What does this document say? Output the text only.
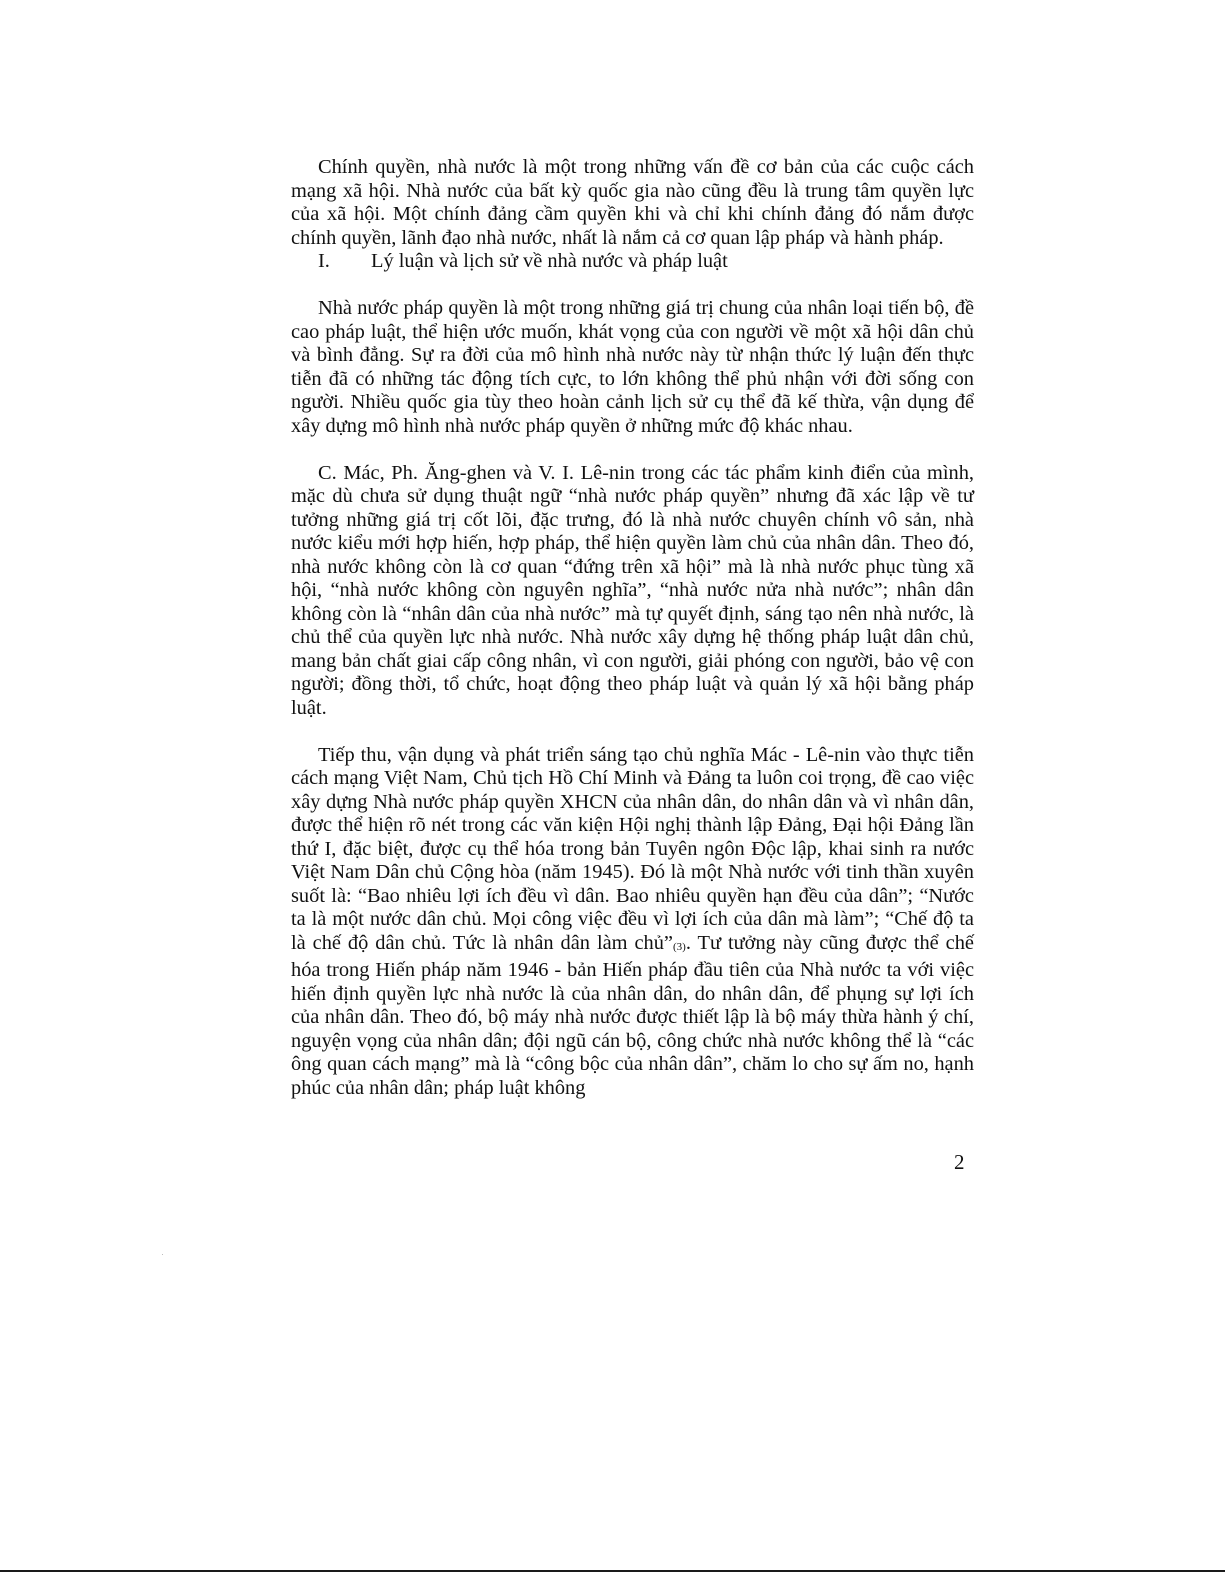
Chính quyền, nhà nước là một trong những vấn đề cơ bản của các cuộc cách mạng xã hội. Nhà nước của bất kỳ quốc gia nào cũng đều là trung tâm quyền lực của xã hội. Một chính đảng cầm quyền khi và chỉ khi chính đảng đó nắm được chính quyền, lãnh đạo nhà nước, nhất là nắm cả cơ quan lập pháp và hành pháp.

I.	Lý luận và lịch sử về nhà nước và pháp luật

Nhà nước pháp quyền là một trong những giá trị chung của nhân loại tiến bộ, đề cao pháp luật, thể hiện ước muốn, khát vọng của con người về một xã hội dân chủ và bình đẳng. Sự ra đời của mô hình nhà nước này từ nhận thức lý luận đến thực tiễn đã có những tác động tích cực, to lớn không thể phủ nhận với đời sống con người. Nhiều quốc gia tùy theo hoàn cảnh lịch sử cụ thể đã kế thừa, vận dụng để xây dựng mô hình nhà nước pháp quyền ở những mức độ khác nhau.

C. Mác, Ph. Ăng-ghen và V. I. Lê-nin trong các tác phẩm kinh điển của mình, mặc dù chưa sử dụng thuật ngữ “nhà nước pháp quyền” nhưng đã xác lập về tư tưởng những giá trị cốt lõi, đặc trưng, đó là nhà nước chuyên chính vô sản, nhà nước kiểu mới hợp hiến, hợp pháp, thể hiện quyền làm chủ của nhân dân. Theo đó, nhà nước không còn là cơ quan “đứng trên xã hội” mà là nhà nước phục tùng xã hội, “nhà nước không còn nguyên nghĩa”, “nhà nước nửa nhà nước”; nhân dân không còn là “nhân dân của nhà nước” mà tự quyết định, sáng tạo nên nhà nước, là chủ thể của quyền lực nhà nước. Nhà nước xây dựng hệ thống pháp luật dân chủ, mang bản chất giai cấp công nhân, vì con người, giải phóng con người, bảo vệ con người; đồng thời, tổ chức, hoạt động theo pháp luật và quản lý xã hội bằng pháp luật.

Tiếp thu, vận dụng và phát triển sáng tạo chủ nghĩa Mác - Lê-nin vào thực tiễn cách mạng Việt Nam, Chủ tịch Hồ Chí Minh và Đảng ta luôn coi trọng, đề cao việc xây dựng Nhà nước pháp quyền XHCN của nhân dân, do nhân dân và vì nhân dân, được thể hiện rõ nét trong các văn kiện Hội nghị thành lập Đảng, Đại hội Đảng lần thứ I, đặc biệt, được cụ thể hóa trong bản Tuyên ngôn Độc lập, khai sinh ra nước Việt Nam Dân chủ Cộng hòa (năm 1945). Đó là một Nhà nước với tinh thần xuyên suốt là: “Bao nhiêu lợi ích đều vì dân. Bao nhiêu quyền hạn đều của dân”; “Nước ta là một nước dân chủ. Mọi công việc đều vì lợi ích của dân mà làm”; “Chế độ ta là chế độ dân chủ. Tức là nhân dân làm chủ”(3). Tư tưởng này cũng được thể chế hóa trong Hiến pháp năm 1946 - bản Hiến pháp đầu tiên của Nhà nước ta với việc hiến định quyền lực nhà nước là của nhân dân, do nhân dân, để phụng sự lợi ích của nhân dân. Theo đó, bộ máy nhà nước được thiết lập là bộ máy thừa hành ý chí, nguyện vọng của nhân dân; đội ngũ cán bộ, công chức nhà nước không thể là “các ông quan cách mạng” mà là “công bộc của nhân dân”, chăm lo cho sự ấm no, hạnh phúc của nhân dân; pháp luật không

2
